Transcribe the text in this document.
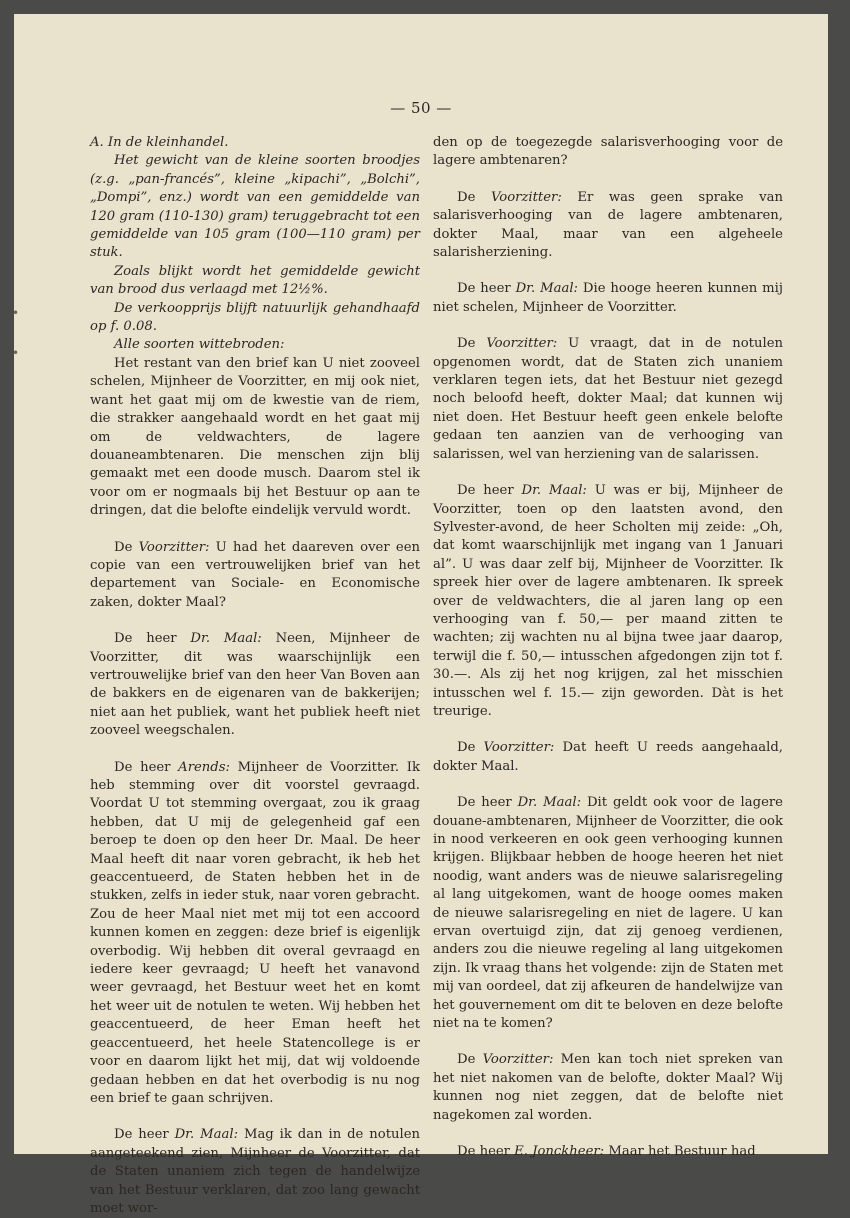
— 50 —
•
•

A. In de kleinhandel.

Het gewicht van de kleine soorten broodjes (z.g. „pan-francés”, kleine „kipachi”, „Bolchi”, „Dompi”, enz.) wordt van een gemiddelde van 120 gram (110-130) gram) teruggebracht tot een gemiddelde van 105 gram (100—110 gram) per stuk.

Zoals blijkt wordt het gemiddelde gewicht van brood dus verlaagd met 12½%.

De verkoopprijs blijft natuurlijk gehandhaafd op f. 0.08.

Alle soorten wittebroden:

Het restant van den brief kan U niet zooveel schelen, Mijnheer de Voorzitter, en mij ook niet, want het gaat mij om de kwestie van de riem, die strakker aangehaald wordt en het gaat mij om de veldwachters, de lagere douaneambtenaren. Die menschen zijn blij gemaakt met een doode musch. Daarom stel ik voor om er nogmaals bij het Bestuur op aan te dringen, dat die belofte eindelijk vervuld wordt.

De Voorzitter: U had het daareven over een copie van een vertrouwelijken brief van het departement van Sociale- en Economische zaken, dokter Maal?

De heer Dr. Maal: Neen, Mijnheer de Voorzitter, dit was waarschijnlijk een vertrouwelijke brief van den heer Van Boven aan de bakkers en de eigenaren van de bakkerijen; niet aan het publiek, want het publiek heeft niet zooveel weegschalen.

De heer Arends: Mijnheer de Voorzitter. Ik heb stemming over dit voorstel gevraagd. Voordat U tot stemming overgaat, zou ik graag hebben, dat U mij de gelegenheid gaf een beroep te doen op den heer Dr. Maal. De heer Maal heeft dit naar voren gebracht, ik heb het geaccentueerd, de Staten hebben het in de stukken, zelfs in ieder stuk, naar voren gebracht. Zou de heer Maal niet met mij tot een accoord kunnen komen en zeggen: deze brief is eigenlijk overbodig. Wij hebben dit overal gevraagd en iedere keer gevraagd; U heeft het vanavond weer gevraagd, het Bestuur weet het en komt het weer uit de notulen te weten. Wij hebben het geaccentueerd, de heer Eman heeft het geaccentueerd, het heele Statencollege is er voor en daarom lijkt het mij, dat wij voldoende gedaan hebben en dat het overbodig is nu nog een brief te gaan schrijven.

De heer Dr. Maal: Mag ik dan in de notulen aangeteekend zien, Mijnheer de Voorzitter, dat de Staten unaniem zich tegen de handelwijze van het Bestuur verklaren, dat zoo lang gewacht moet wor-

den op de toegezegde salarisverhooging voor de lagere ambtenaren?

De Voorzitter: Er was geen sprake van salarisverhooging van de lagere ambtenaren, dokter Maal, maar van een algeheele salarisherziening.

De heer Dr. Maal: Die hooge heeren kunnen mij niet schelen, Mijnheer de Voorzitter.

De Voorzitter: U vraagt, dat in de notulen opgenomen wordt, dat de Staten zich unaniem verklaren tegen iets, dat het Bestuur niet gezegd noch beloofd heeft, dokter Maal; dat kunnen wij niet doen. Het Bestuur heeft geen enkele belofte gedaan ten aanzien van de verhooging van salarissen, wel van herziening van de salarissen.

De heer Dr. Maal: U was er bij, Mijnheer de Voorzitter, toen op den laatsten avond, den Sylvester-avond, de heer Scholten mij zeide: „Oh, dat komt waarschijnlijk met ingang van 1 Januari al”. U was daar zelf bij, Mijnheer de Voorzitter. Ik spreek hier over de lagere ambtenaren. Ik spreek over de veldwachters, die al jaren lang op een verhooging van f. 50,— per maand zitten te wachten; zij wachten nu al bijna twee jaar daarop, terwijl die f. 50,— intusschen afgedongen zijn tot f. 30.—. Als zij het nog krijgen, zal het misschien intusschen wel f. 15.— zijn geworden. Dàt is het treurige.

De Voorzitter: Dat heeft U reeds aangehaald, dokter Maal.

De heer Dr. Maal: Dit geldt ook voor de lagere douane-ambtenaren, Mijnheer de Voorzitter, die ook in nood verkeeren en ook geen verhooging kunnen krijgen. Blijkbaar hebben de hooge heeren het niet noodig, want anders was de nieuwe salarisregeling al lang uitgekomen, want de hooge oomes maken de nieuwe salarisregeling en niet de lagere. U kan ervan overtuigd zijn, dat zij genoeg verdienen, anders zou die nieuwe regeling al lang uitgekomen zijn. Ik vraag thans het volgende: zijn de Staten met mij van oordeel, dat zij afkeuren de handelwijze van het gouvernement om dit te beloven en deze belofte niet na te komen?

De Voorzitter: Men kan toch niet spreken van het niet nakomen van de belofte, dokter Maal? Wij kunnen nog niet zeggen, dat de belofte niet nagekomen zal worden.

De heer E. Jonckheer: Maar het Bestuur had
